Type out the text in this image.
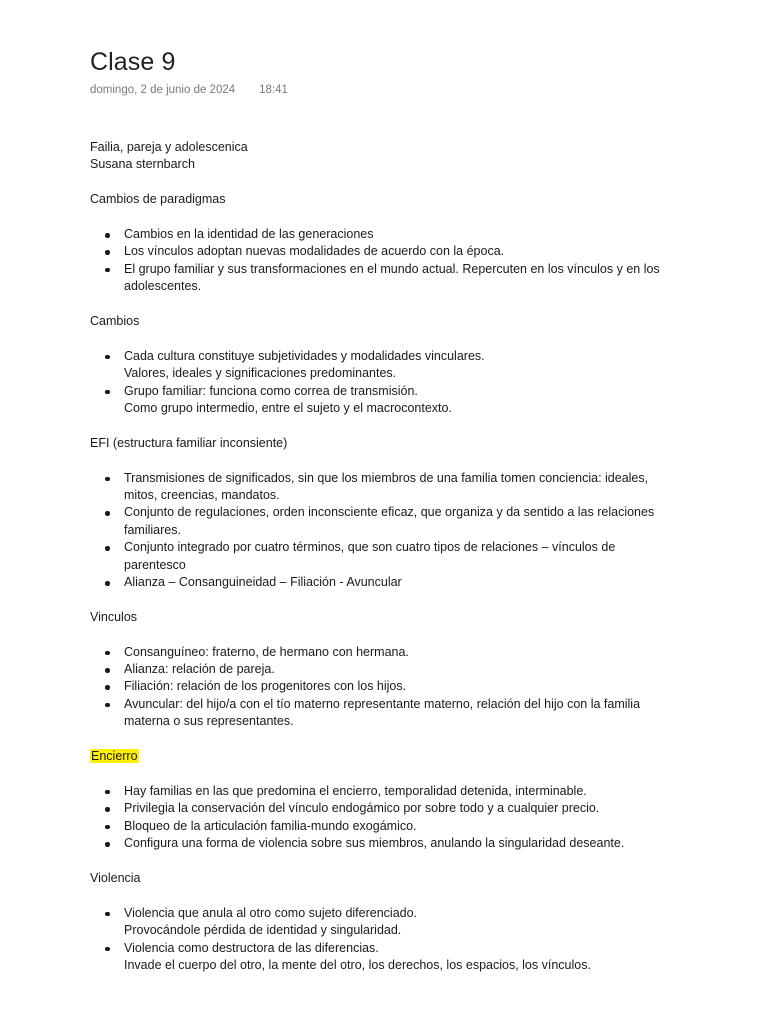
Clase 9
domingo, 2 de junio de 2024 18:41

Failia, pareja y adolescenica

Susana sternbarch

Cambios de paradigmas

Cambios en la identidad de las generaciones
Los vínculos adoptan nuevas modalidades de acuerdo con la época.
El grupo familiar y sus transformaciones en el mundo actual. Repercuten en los vínculos y en los
adolescentes.

Cambios

Cada cultura constituye subjetividades y modalidades vinculares.
Valores, ideales y significaciones predominantes.
Grupo familiar: funciona como correa de transmisión.
Como grupo intermedio, entre el sujeto y el macrocontexto.

EFI (estructura familiar inconsiente)

Transmisiones de significados, sin que los miembros de una familia tomen conciencia: ideales,
mitos, creencias, mandatos.
Conjunto de regulaciones, orden inconsciente eficaz, que organiza y da sentido a las relaciones
familiares.
Conjunto integrado por cuatro términos, que son cuatro tipos de relaciones – vínculos de
parentesco
Alianza – Consanguineidad – Filiación - Avuncular

Vinculos

Consanguíneo: fraterno, de hermano con hermana.
Alianza: relación de pareja.
Filiación: relación de los progenitores con los hijos.
Avuncular: del hijo/a con el tío materno representante materno, relación del hijo con la familia
materna o sus representantes.

Encierro

Hay familias en las que predomina el encierro, temporalidad detenida, interminable.
Privilegia la conservación del vínculo endogámico por sobre todo y a cualquier precio.
Bloqueo de la articulación familia-mundo exogámico.
Configura una forma de violencia sobre sus miembros, anulando la singularidad deseante.

Violencia

Violencia que anula al otro como sujeto diferenciado.
Provocándole pérdida de identidad y singularidad.
Violencia como destructora de las diferencias.
Invade el cuerpo del otro, la mente del otro, los derechos, los espacios, los vínculos.
